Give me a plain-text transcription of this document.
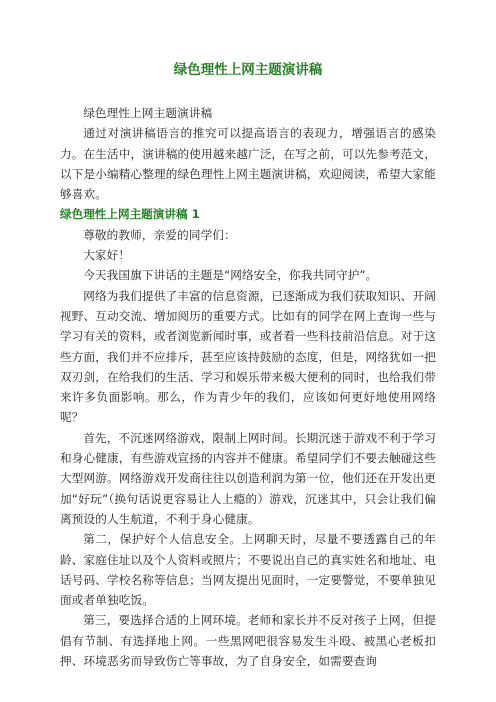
绿色理性上网主题演讲稿

绿色理性上网主题演讲稿

通过对演讲稿语言的推究可以提高语言的表现力，增强语言的感染力。在生活中，演讲稿的使用越来越广泛，在写之前，可以先参考范文，以下是小编精心整理的绿色理性上网主题演讲稿，欢迎阅读，希望大家能够喜欢。

绿色理性上网主题演讲稿 1

尊敬的教师，亲爱的同学们：

大家好！

今天我国旗下讲话的主题是“网络安全，你我共同守护”。

网络为我们提供了丰富的信息资源，已逐渐成为我们获取知识、开阔视野、互动交流、增加阅历的重要方式。比如有的同学在网上查询一些与学习有关的资料，或者浏览新闻时事，或者看一些科技前沿信息。对于这些方面，我们并不应排斥，甚至应该持鼓励的态度，但是，网络犹如一把双刃剑，在给我们的生活、学习和娱乐带来极大便利的同时，也给我们带来许多负面影响。那么，作为青少年的我们，应该如何更好地使用网络呢？

首先，不沉迷网络游戏，限制上网时间。长期沉迷于游戏不利于学习和身心健康，有些游戏宣扬的内容并不健康。希望同学们不要去触碰这些大型网游。网络游戏开发商往往以创造利润为第一位，他们还在开发出更加“好玩”（换句话说更容易让人上瘾的）游戏，沉迷其中，只会让我们偏离预设的人生航道，不利于身心健康。

第二，保护好个人信息安全。上网聊天时，尽量不要透露自己的年龄、家庭住址以及个人资料或照片；不要说出自己的真实姓名和地址、电话号码、学校名称等信息；当网友提出见面时，一定要警觉，不要单独见面或者单独吃饭。

第三，要选择合适的上网环境。老师和家长并不反对孩子上网，但提倡有节制、有选择地上网。一些黑网吧很容易发生斗殴、被黑心老板扣押、环境恶劣而导致伤亡等事故，为了自身安全，如需要查询
